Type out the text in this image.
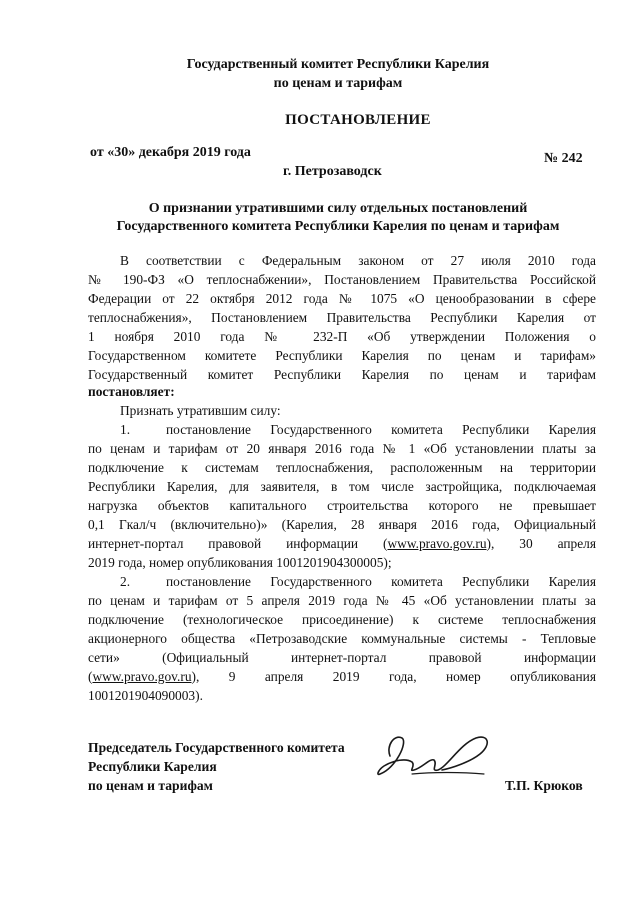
Государственный комитет Республики Карелия
по ценам и тарифам
ПОСТАНОВЛЕНИЕ
от «30» декабря 2019 года	№ 242
г. Петрозаводск
О признании утратившими силу отдельных постановлений
Государственного комитета Республики Карелия по ценам и тарифам
В соответствии с Федеральным законом от 27 июля 2010 года
№ 190-ФЗ «О теплоснабжении», Постановлением Правительства Российской
Федерации от 22 октября 2012 года № 1075 «О ценообразовании в сфере
теплоснабжения», Постановлением Правительства Республики Карелия от
1 ноября 2010 года № 232-П «Об утверждении Положения о
Государственном комитете Республики Карелия по ценам и тарифам»
Государственный комитет Республики Карелия по ценам и тарифам
постановляет:
Признать утратившим силу:
1.	постановление Государственного комитета Республики Карелия
по ценам и тарифам от 20 января 2016 года № 1 «Об установлении платы за
подключение к системам теплоснабжения, расположенным на территории
Республики Карелия, для заявителя, в том числе застройщика, подключаемая
нагрузка объектов капитального строительства которого не превышает
0,1 Гкал/ч (включительно)» (Карелия, 28 января 2016 года, Официальный
интернет-портал правовой информации (www.pravo.gov.ru), 30 апреля
2019 года, номер опубликования 1001201904300005);
2.	постановление Государственного комитета Республики Карелия
по ценам и тарифам от 5 апреля 2019 года № 45 «Об установлении платы за
подключение (технологическое присоединение) к системе теплоснабжения
акционерного общества «Петрозаводские коммунальные системы - Тепловые
сети» (Официальный интернет-портал правовой информации
(www.pravo.gov.ru), 9 апреля 2019 года, номер опубликования
1001201904090003).
Председатель Государственного комитета
Республики Карелия
по ценам и тарифам	Т.П. Крюков
